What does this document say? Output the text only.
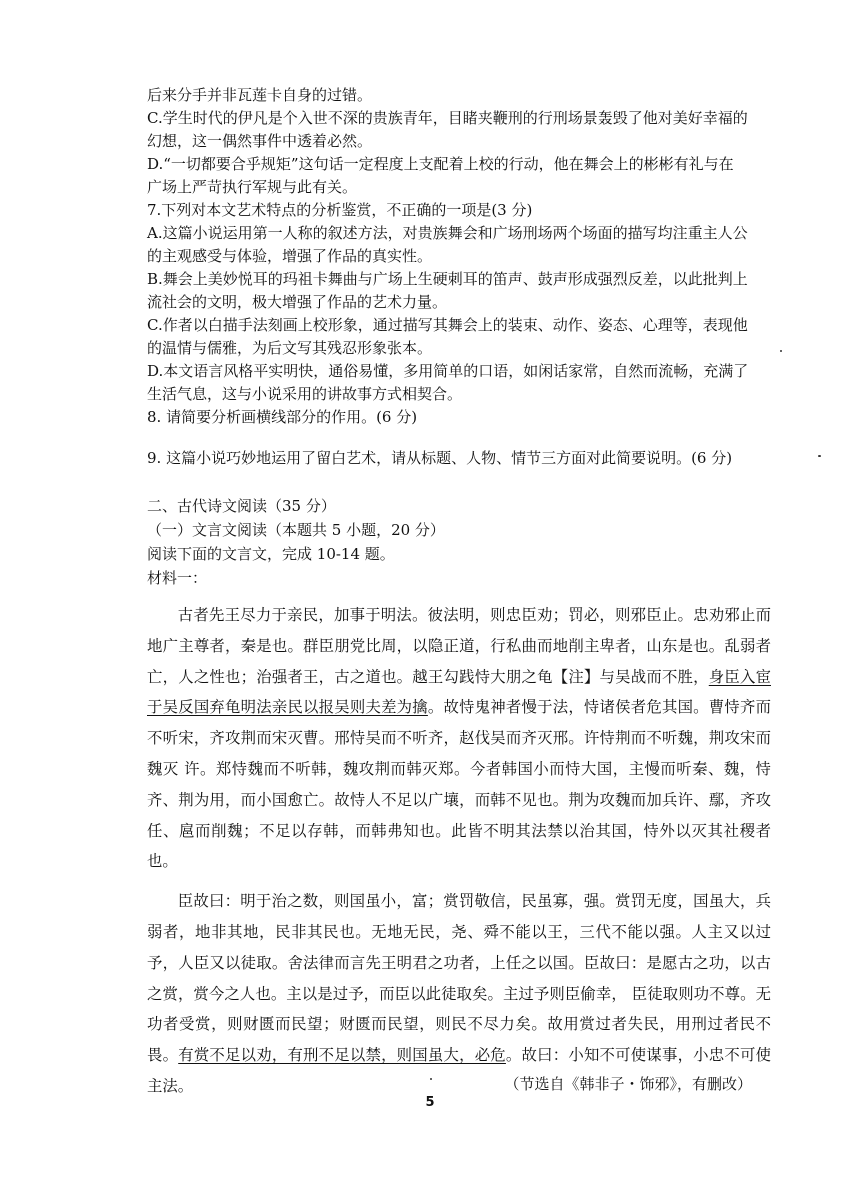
后来分手并非瓦莲卡自身的过错。

C.学生时代的伊凡是个入世不深的贵族青年，目睹夹鞭刑的行刑场景轰毁了他对美好幸福的

幻想，这一偶然事件中透着必然。

D.“一切都要合乎规矩”这句话一定程度上支配着上校的行动，他在舞会上的彬彬有礼与在

广场上严苛执行军规与此有关。

7.下列对本文艺术特点的分析鉴赏，不正确的一项是(3 分)

A.这篇小说运用第一人称的叙述方法，对贵族舞会和广场刑场两个场面的描写均注重主人公

的主观感受与体验，增强了作品的真实性。

B.舞会上美妙悦耳的玛祖卡舞曲与广场上生硬刺耳的笛声、鼓声形成强烈反差，以此批判上

流社会的文明，极大增强了作品的艺术力量。

C.作者以白描手法刻画上校形象，通过描写其舞会上的装束、动作、姿态、心理等，表现他

的温情与儒雅，为后文写其残忍形象张本。

D.本文语言风格平实明快，通俗易懂，多用简单的口语，如闲话家常，自然而流畅，充满了

生活气息，这与小说采用的讲故事方式相契合。

8. 请简要分析画横线部分的作用。(6 分)

9. 这篇小说巧妙地运用了留白艺术，请从标题、人物、情节三方面对此简要说明。(6 分)

二、古代诗文阅读（35 分）

（一）文言文阅读（本题共 5 小题，20 分）

阅读下面的文言文，完成 10-14 题。

材料一：

古者先王尽力于亲民，加事于明法。彼法明，则忠臣劝；罚必，则邪臣止。忠劝邪止而地广主尊者，秦是也。群臣朋党比周，以隐正道，行私曲而地削主卑者，山东是也。乱弱者亡，人之性也；治强者王，古之道也。越王勾践恃大朋之龟【注】与吴战而不胜，身臣入宦于吴反国弃龟明法亲民以报吴则夫差为擒。故恃鬼神者慢于法，恃诸侯者危其国。曹恃齐而不听宋，齐攻荆而宋灭曹。邢恃吴而不听齐，赵伐吴而齐灭邢。许恃荆而不听魏，荆攻宋而魏灭 许。郑恃魏而不听韩，魏攻荆而韩灭郑。今者韩国小而恃大国，主慢而听秦、魏，恃齐、荆为用，而小国愈亡。故恃人不足以广壤，而韩不见也。荆为攻魏而加兵许、鄢，齐攻任、扈而削魏；不足以存韩，而韩弗知也。此皆不明其法禁以治其国，恃外以灭其社稷者也。

臣故曰：明于治之数，则国虽小，富；赏罚敬信，民虽寡，强。赏罚无度，国虽大，兵弱者，地非其地，民非其民也。无地无民，尧、舜不能以王，三代不能以强。人主又以过予，人臣又以徒取。舍法律而言先王明君之功者，上任之以国。臣故曰：是愿古之功，以古之赏，赏今之人也。主以是过予，而臣以此徒取矣。主过予则臣偷幸， 臣徒取则功不尊。无功者受赏，则财匮而民望；财匮而民望，则民不尽力矣。故用赏过者失民，用刑过者民不畏。有赏不足以劝，有刑不足以禁，则国虽大，必危。故曰：小知不可使谋事，小忠不可使主法。	（节选自《韩非子・饰邪》，有删改）
5
